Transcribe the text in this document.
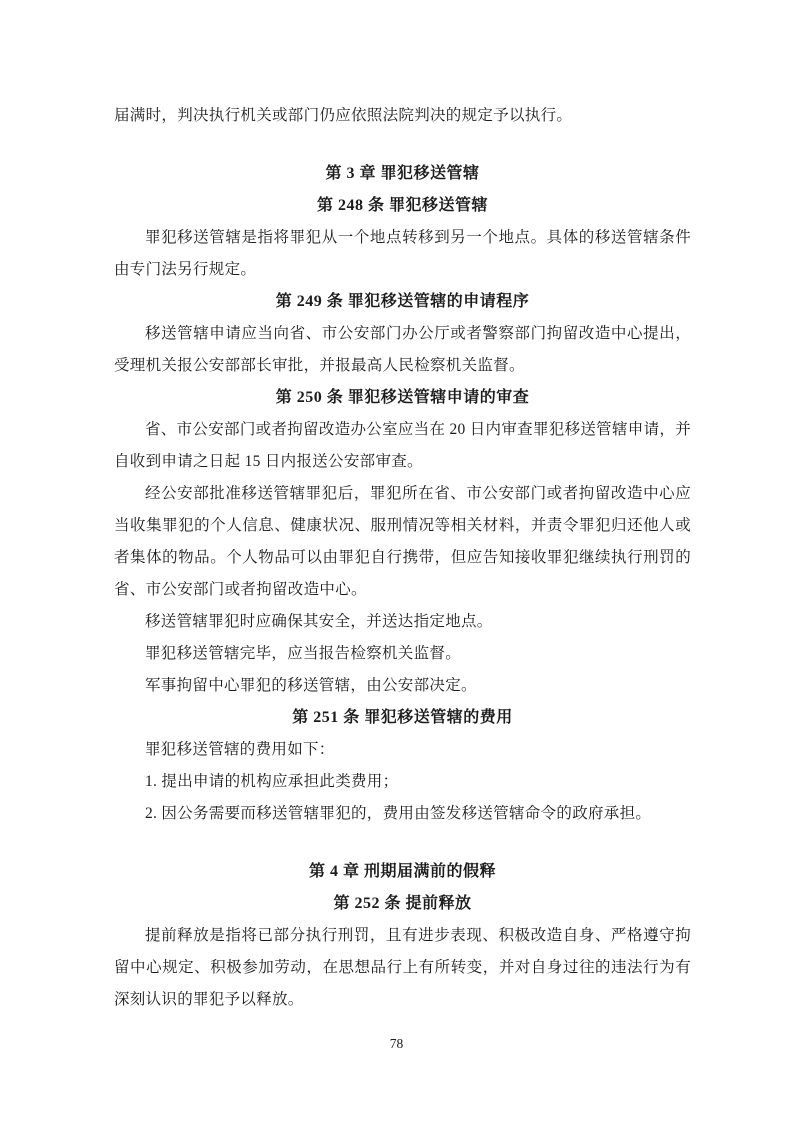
届满时，判决执行机关或部门仍应依照法院判决的规定予以执行。

第 3 章 罪犯移送管辖

第 248 条 罪犯移送管辖

罪犯移送管辖是指将罪犯从一个地点转移到另一个地点。具体的移送管辖条件由专门法另行规定。

第 249 条 罪犯移送管辖的申请程序

移送管辖申请应当向省、市公安部门办公厅或者警察部门拘留改造中心提出，受理机关报公安部部长审批，并报最高人民检察机关监督。

第 250 条 罪犯移送管辖申请的审查

省、市公安部门或者拘留改造办公室应当在 20 日内审查罪犯移送管辖申请，并自收到申请之日起 15 日内报送公安部审查。

经公安部批准移送管辖罪犯后，罪犯所在省、市公安部门或者拘留改造中心应当收集罪犯的个人信息、健康状况、服刑情况等相关材料，并责令罪犯归还他人或者集体的物品。个人物品可以由罪犯自行携带，但应告知接收罪犯继续执行刑罚的省、市公安部门或者拘留改造中心。

移送管辖罪犯时应确保其安全，并送达指定地点。

罪犯移送管辖完毕，应当报告检察机关监督。

军事拘留中心罪犯的移送管辖，由公安部决定。

第 251 条 罪犯移送管辖的费用

罪犯移送管辖的费用如下：

1. 提出申请的机构应承担此类费用；

2. 因公务需要而移送管辖罪犯的，费用由签发移送管辖命令的政府承担。

第 4 章 刑期届满前的假释

第 252 条 提前释放

提前释放是指将已部分执行刑罚，且有进步表现、积极改造自身、严格遵守拘留中心规定、积极参加劳动，在思想品行上有所转变，并对自身过往的违法行为有深刻认识的罪犯予以释放。

78
